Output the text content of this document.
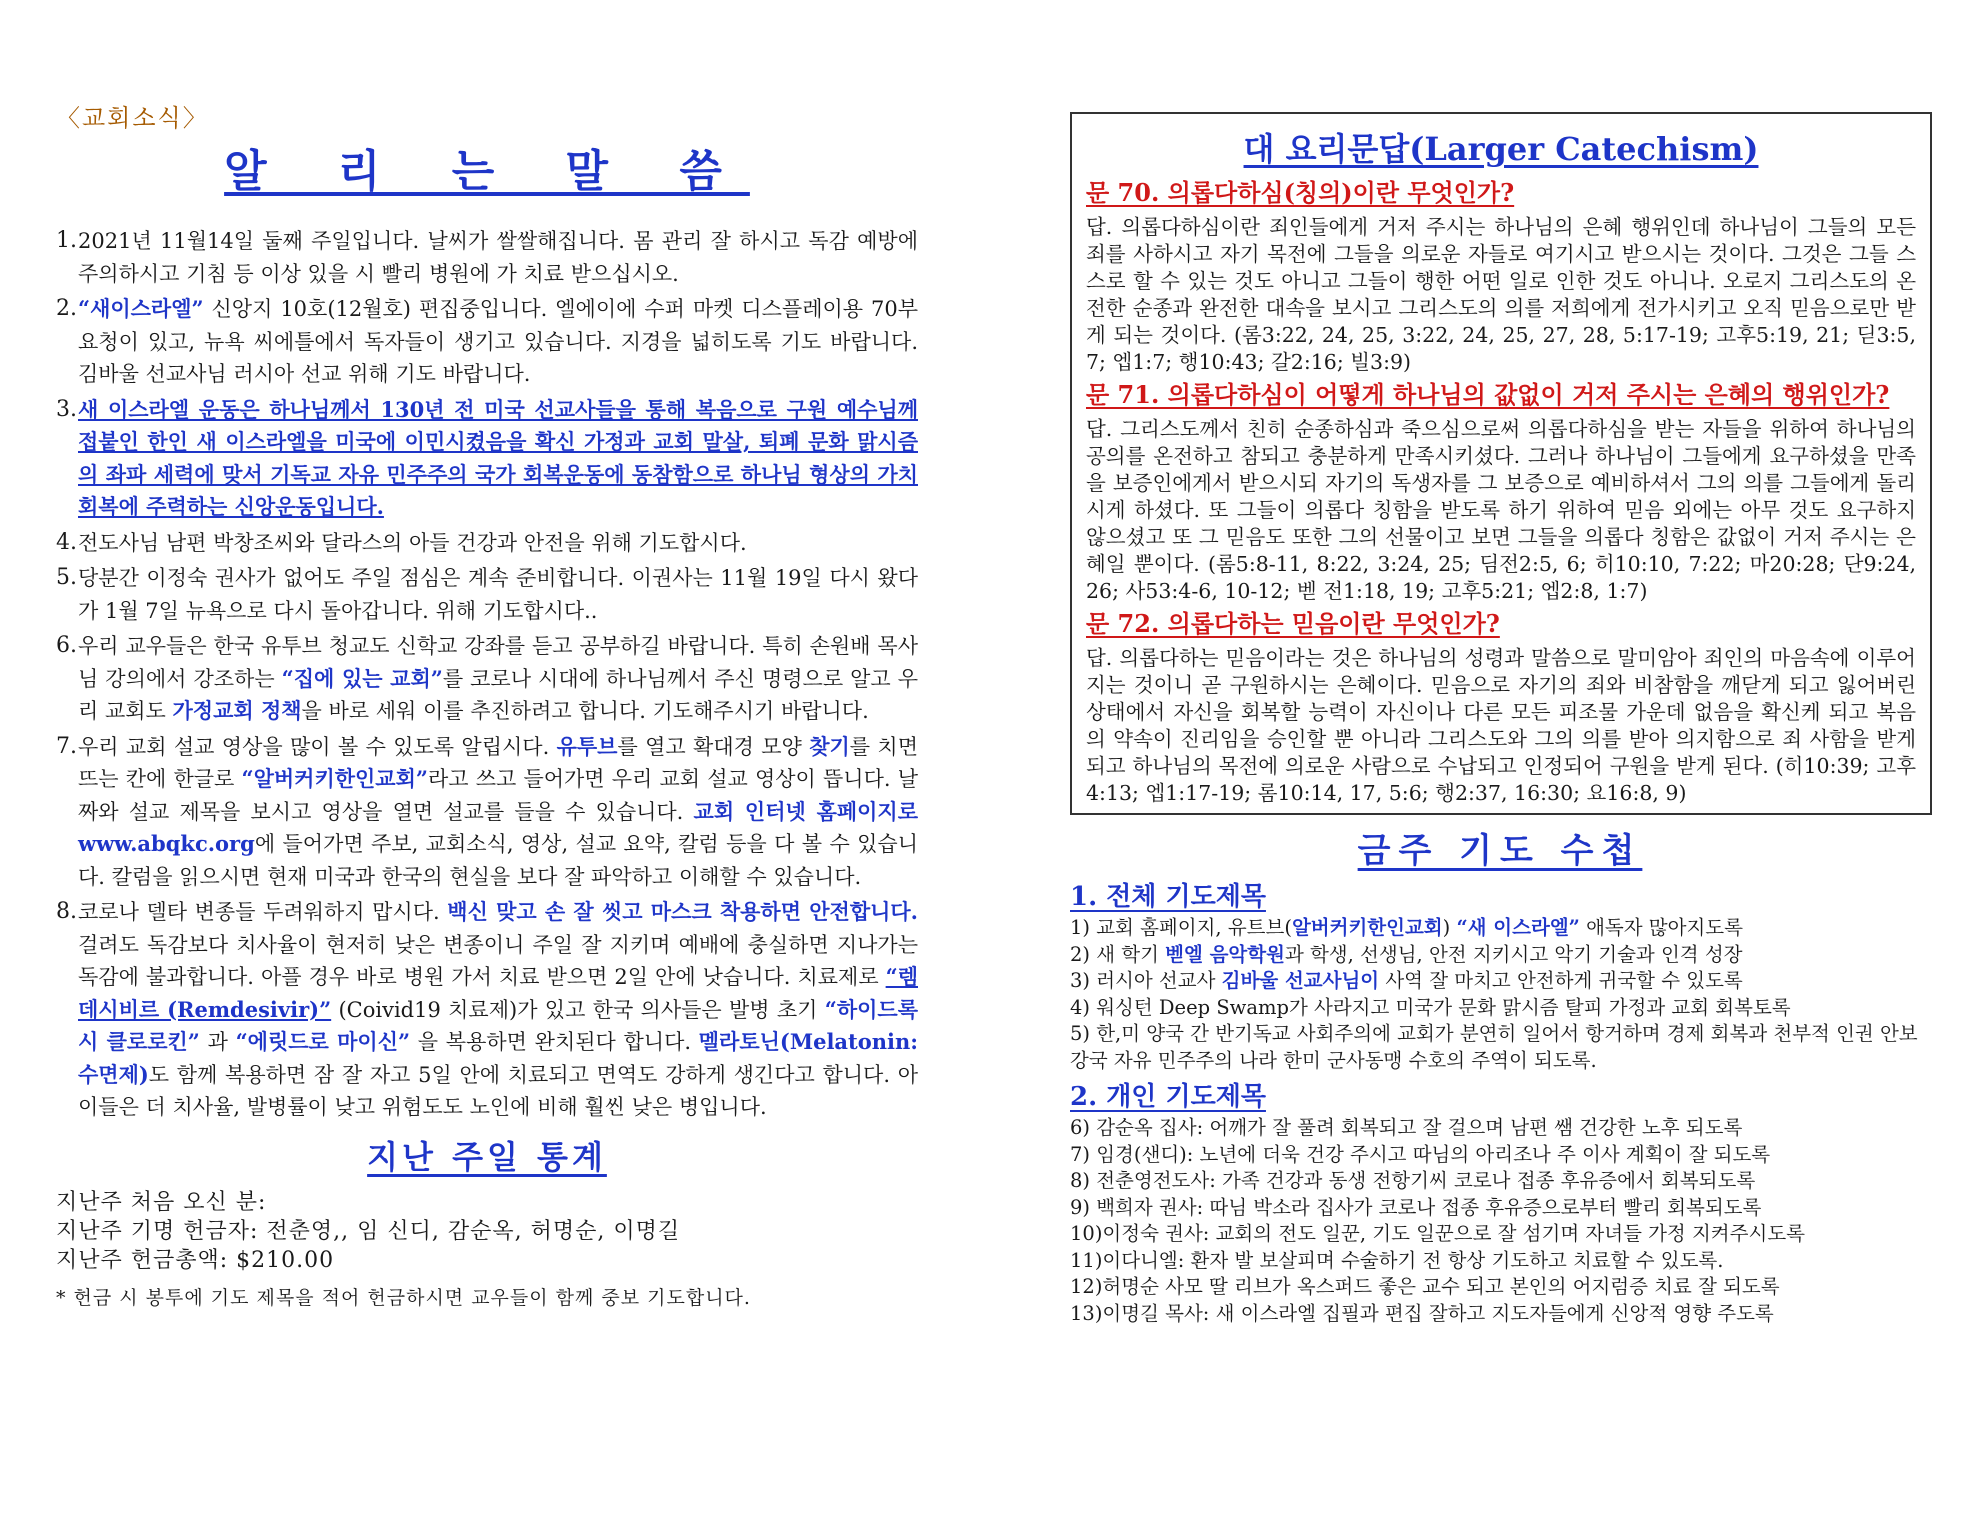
〈교회소식〉
알 리 는 말 씀
1. 2021년 11월14일 둘째 주일입니다. 날씨가 쌀쌀해집니다. 몸 관리 잘 하시고 독감 예방에 주의하시고 기침 등 이상 있을 시 빨리 병원에 가 치료 받으십시오.
2. “새이스라엘” 신앙지 10호(12월호) 편집중입니다. 엘에이에 수퍼 마켓 디스플레이용 70부 요청이 있고, 뉴욕 씨에틀에서 독자들이 생기고 있습니다. 지경을 넓히도록 기도 바랍니다. 김바울 선교사님 러시아 선교 위해 기도 바랍니다.
3. 새 이스라엘 운동은 하나님께서 130년 전 미국 선교사들을 통해 복음으로 구원 예수님께 접붙인 한인 새 이스라엘을 미국에 이민시켰음을 확신 가정과 교회 말살, 퇴폐 문화 맑시즘의 좌파 세력에 맞서 기독교 자유 민주주의 국가 회복운동에 동참함으로 하나님 형상의 가치 회복에 주력하는 신앙운동입니다.
4. 전도사님 남편 박창조씨와 달라스의 아들 건강과 안전을 위해 기도합시다.
5. 당분간 이정숙 권사가 없어도 주일 점심은 계속 준비합니다. 이권사는 11월 19일 다시 왔다가 1월 7일 뉴욕으로 다시 돌아갑니다. 위해 기도합시다..
6. 우리 교우들은 한국 유투브 청교도 신학교 강좌를 듣고 공부하길 바랍니다. 특히 손원배 목사님 강의에서 강조하는 “집에 있는 교회”를 코로나 시대에 하나님께서 주신 명령으로 알고 우리 교회도 가정교회 정책을 바로 세워 이를 추진하려고 합니다. 기도해주시기 바랍니다.
7. 우리 교회 설교 영상을 많이 볼 수 있도록 알립시다. 유투브를 열고 확대경 모양 찾기를 치면 뜨는 칸에 한글로 “알버커키한인교회”라고 쓰고 들어가면 우리 교회 설교 영상이 뜹니다. 날짜와 설교 제목을 보시고 영상을 열면 설교를 들을 수 있습니다. 교회 인터넷 홈페이지로 www.abqkc.org에 들어가면 주보, 교회소식, 영상, 설교 요약, 칼럼 등을 다 볼 수 있습니다. 칼럼을 읽으시면 현재 미국과 한국의 현실을 보다 잘 파악하고 이해할 수 있습니다.
8. 코로나 델타 변종들 두려워하지 맙시다. 백신 맞고 손 잘 씻고 마스크 착용하면 안전합니다. 걸려도 독감보다 치사율이 현저히 낮은 변종이니 주일 잘 지키며 예배에 충실하면 지나가는 독감에 불과합니다. 아플 경우 바로 병원 가서 치료 받으면 2일 안에 낫습니다. 치료제로 “렘데시비르 (Remdesivir)” (Coivid19 치료제)가 있고 한국 의사들은 발병 초기 “하이드록시 클로로킨” 과 “에릿드로 마이신” 을 복용하면 완치된다 합니다. 멜라토닌(Melatonin:수면제)도 함께 복용하면 잠 잘 자고 5일 안에 치료되고 면역도 강하게 생긴다고 합니다. 아이들은 더 치사율, 발병률이 낮고 위험도도 노인에 비해 훨씬 낮은 병입니다.
지난 주일 통계
지난주 처음 오신 분:
지난주 기명 헌금자: 전춘영,, 임 신디, 감순옥, 허명순, 이명길
지난주 헌금총액: $210.00
* 헌금 시 봉투에 기도 제목을 적어 헌금하시면 교우들이 함께 중보 기도합니다.
대 요리문답(Larger Catechism)
문 70. 의롭다하심(칭의)이란 무엇인가?
답. 의롭다하심이란 죄인들에게 거저 주시는 하나님의 은혜 행위인데 하나님이 그들의 모든 죄를 사하시고 자기 목전에 그들을 의로운 자들로 여기시고 받으시는 것이다. 그것은 그들 스스로 할 수 있는 것도 아니고 그들이 행한 어떤 일로 인한 것도 아니나. 오로지 그리스도의 온전한 순종과 완전한 대속을 보시고 그리스도의 의를 저희에게 전가시키고 오직 믿음으로만 받게 되는 것이다. (롬3:22, 24, 25, 3:22, 24, 25, 27, 28, 5:17-19; 고후5:19, 21; 딛3:5, 7; 엡1:7; 행10:43; 갈2:16; 빌3:9)
문 71. 의롭다하심이 어떻게 하나님의 값없이 거저 주시는 은혜의 행위인가?
답. 그리스도께서 친히 순종하심과 죽으심으로써 의롭다하심을 받는 자들을 위하여 하나님의 공의를 온전하고 참되고 충분하게 만족시키셨다. 그러나 하나님이 그들에게 요구하셨을 만족을 보증인에게서 받으시되 자기의 독생자를 그 보증으로 예비하셔서 그의 의를 그들에게 돌리시게 하셨다. 또 그들이 의롭다 칭함을 받도록 하기 위하여 믿음 외에는 아무 것도 요구하지 않으셨고 또 그 믿음도 또한 그의 선물이고 보면 그들을 의롭다 칭함은 값없이 거저 주시는 은혜일 뿐이다. (롬5:8-11, 8:22, 3:24, 25; 딤전2:5, 6; 히10:10, 7:22; 마20:28; 단9:24, 26; 사53:4-6, 10-12; 벧 전1:18, 19; 고후5:21; 엡2:8, 1:7)
문 72. 의롭다하는 믿음이란 무엇인가?
답. 의롭다하는 믿음이라는 것은 하나님의 성령과 말씀으로 말미암아 죄인의 마음속에 이루어지는 것이니 곧 구원하시는 은혜이다. 믿음으로 자기의 죄와 비참함을 깨닫게 되고 잃어버린 상태에서 자신을 회복할 능력이 자신이나 다른 모든 피조물 가운데 없음을 확신케 되고 복음의 약속이 진리임을 승인할 뿐 아니라 그리스도와 그의 의를 받아 의지함으로 죄 사함을 받게 되고 하나님의 목전에 의로운 사람으로 수납되고 인정되어 구원을 받게 된다. (히10:39; 고후4:13; 엡1:17-19; 롬10:14, 17, 5:6; 행2:37, 16:30; 요16:8, 9)
금주 기도 수첩
1. 전체 기도제목
1) 교회 홈페이지, 유트브(알버커키한인교회) “새 이스라엘” 애독자 많아지도록
2) 새 학기 벧엘 음악학원과 학생, 선생님, 안전 지키시고 악기 기술과 인격 성장
3) 러시아 선교사 김바울 선교사님이 사역 잘 마치고 안전하게 귀국할 수 있도록
4) 워싱턴 Deep Swamp가 사라지고 미국가 문화 맑시즘 탈피 가정과 교회 회복토록
5) 한,미 양국 간 반기독교 사회주의에 교회가 분연히 일어서 항거하며 경제 회복과 천부적 인권 안보강국 자유 민주주의 나라 한미 군사동맹 수호의 주역이 되도록.
2. 개인 기도제목
6) 감순옥 집사: 어깨가 잘 풀려 회복되고 잘 걸으며 남편 쌤 건강한 노후 되도록
7) 임경(샌디): 노년에 더욱 건강 주시고 따님의 아리조나 주 이사 계획이 잘 되도록
8) 전춘영전도사: 가족 건강과 동생 전항기씨 코로나 접종 후유증에서 회복되도록
9) 백희자 권사: 따님 박소라 집사가 코로나 접종 후유증으로부터 빨리 회복되도록
10)이정숙 권사: 교회의 전도 일꾼, 기도 일꾼으로 잘 섬기며 자녀들 가정 지켜주시도록
11)이다니엘: 환자 발 보살피며 수술하기 전 항상 기도하고 치료할 수 있도록.
12)허명순 사모 딸 리브가 옥스퍼드 좋은 교수 되고 본인의 어지럼증 치료 잘 되도록
13)이명길 목사: 새 이스라엘 집필과 편집 잘하고 지도자들에게 신앙적 영향 주도록
